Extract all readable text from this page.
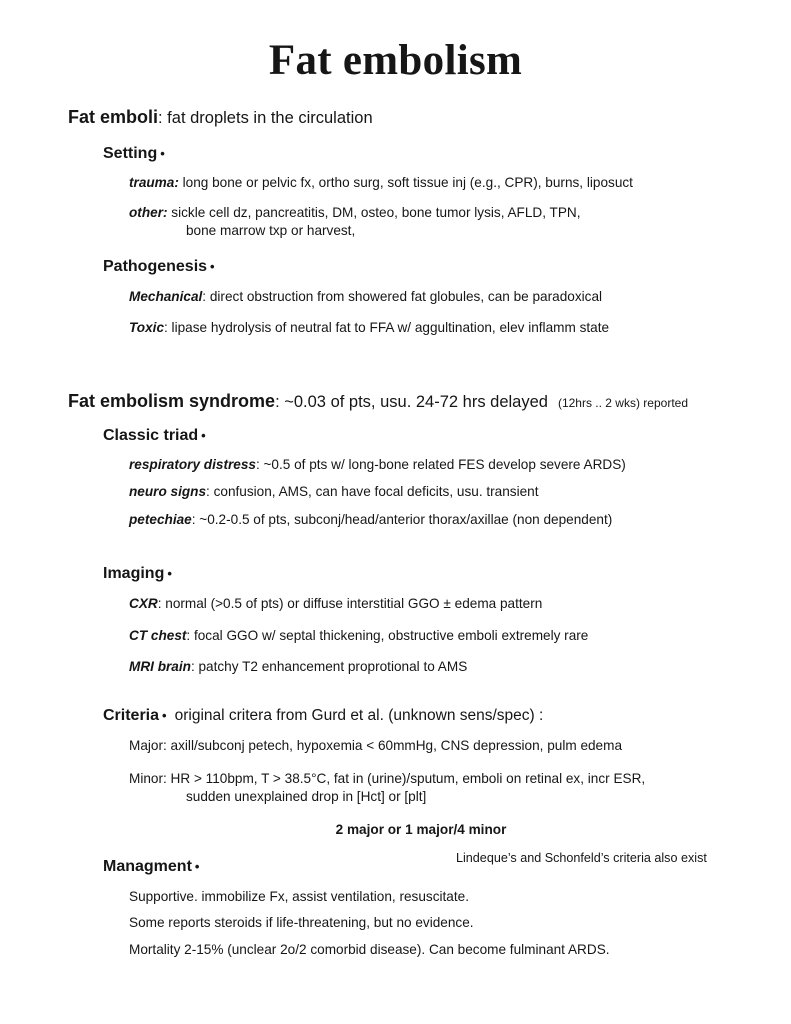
Fat embolism
Fat emboli: fat droplets in the circulation
Setting •
trauma: long bone or pelvic fx, ortho surg, soft tissue inj (e.g., CPR), burns, liposuct
other: sickle cell dz, pancreatitis, DM, osteo, bone tumor lysis, AFLD, TPN,
bone marrow txp or harvest,
Pathogenesis •
Mechanical: direct obstruction from showered fat globules, can be paradoxical
Toxic: lipase hydrolysis of neutral fat to FFA w/ aggultination, elev inflamm state
Fat embolism syndrome: ~0.03 of pts, usu. 24-72 hrs delayed (12hrs .. 2 wks) reported
Classic triad •
respiratory distress: ~0.5 of pts w/ long-bone related FES develop severe ARDS)
neuro signs: confusion, AMS, can have focal deficits, usu. transient
petechiae: ~0.2-0.5 of pts, subconj/head/anterior thorax/axillae (non dependent)
Imaging •
CXR: normal (>0.5 of pts) or diffuse interstitial GGO ± edema pattern
CT chest: focal GGO w/ septal thickening, obstructive emboli extremely rare
MRI brain: patchy T2 enhancement proprotional to AMS
Criteria • original critera from Gurd et al. (unknown sens/spec) :
Major: axill/subconj petech, hypoxemia < 60mmHg, CNS depression, pulm edema
Minor: HR > 110bpm, T > 38.5°C, fat in (urine)/sputum, emboli on retinal ex, incr ESR,
sudden unexplained drop in [Hct] or [plt]
2 major or 1 major/4 minor
Managment •
Lindeque’s and Schonfeld’s criteria also exist
Supportive. immobilize Fx, assist ventilation, resuscitate.
Some reports steroids if life-threatening, but no evidence.
Mortality 2-15% (unclear 2o/2 comorbid disease). Can become fulminant ARDS.
